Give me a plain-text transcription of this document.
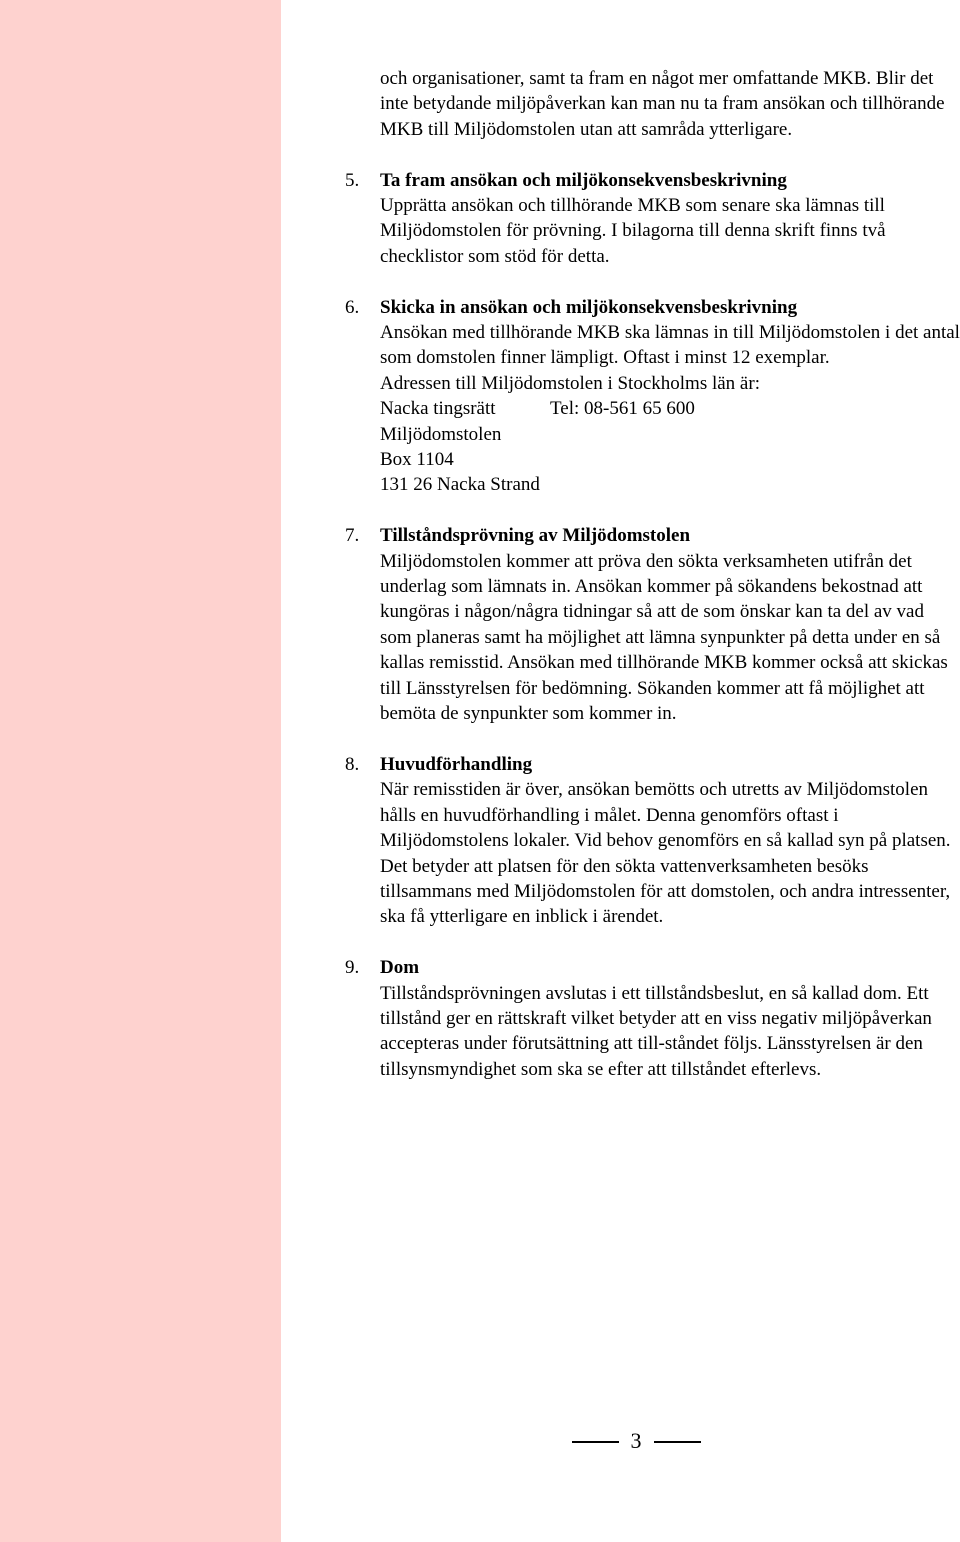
och organisationer, samt ta fram en något mer omfattande MKB. Blir det inte betydande miljöpåverkan kan man nu ta fram ansökan och tillhörande MKB till Miljödomstolen utan att samråda ytterligare.

5. Ta fram ansökan och miljökonsekvensbeskrivning

Upprätta ansökan och tillhörande MKB som senare ska lämnas till Miljödomstolen för prövning. I bilagorna till denna skrift finns två checklistor som stöd för detta.

6. Skicka in ansökan och miljökonsekvensbeskrivning

Ansökan med tillhörande MKB ska lämnas in till Miljödomstolen i det antal som domstolen finner lämpligt. Oftast i minst 12 exemplar.

Adressen till Miljödomstolen i Stockholms län är:
Nacka tingsrätt	Tel: 08-561 65 600
Miljödomstolen
Box 1104
131 26 Nacka Strand
7. Tillståndsprövning av Miljödomstolen

Miljödomstolen kommer att pröva den sökta verksamheten utifrån det underlag som lämnats in. Ansökan kommer på sökandens bekostnad att kungöras i någon/några tidningar så att de som önskar kan ta del av vad som planeras samt ha möjlighet att lämna synpunkter på detta under en så kallas remisstid. Ansökan med tillhörande MKB kommer också att skickas till Länsstyrelsen för bedömning. Sökanden kommer att få möjlighet att bemöta de synpunkter som kommer in.

8. Huvudförhandling

När remisstiden är över, ansökan bemötts och utretts av Miljödomstolen hålls en huvudförhandling i målet. Denna genomförs oftast i Miljödomstolens lokaler. Vid behov genomförs en så kallad syn på platsen. Det betyder att platsen för den sökta vattenverksamheten besöks tillsammans med Miljödomstolen för att domstolen, och andra intressenter, ska få ytterligare en inblick i ärendet.

9. Dom

Tillståndsprövningen avslutas i ett tillståndsbeslut, en så kallad dom. Ett tillstånd ger en rättskraft vilket betyder att en viss negativ miljöpåverkan accepteras under förutsättning att till-ståndet följs. Länsstyrelsen är den tillsynsmyndighet som ska se efter att tillståndet efterlevs.

3
